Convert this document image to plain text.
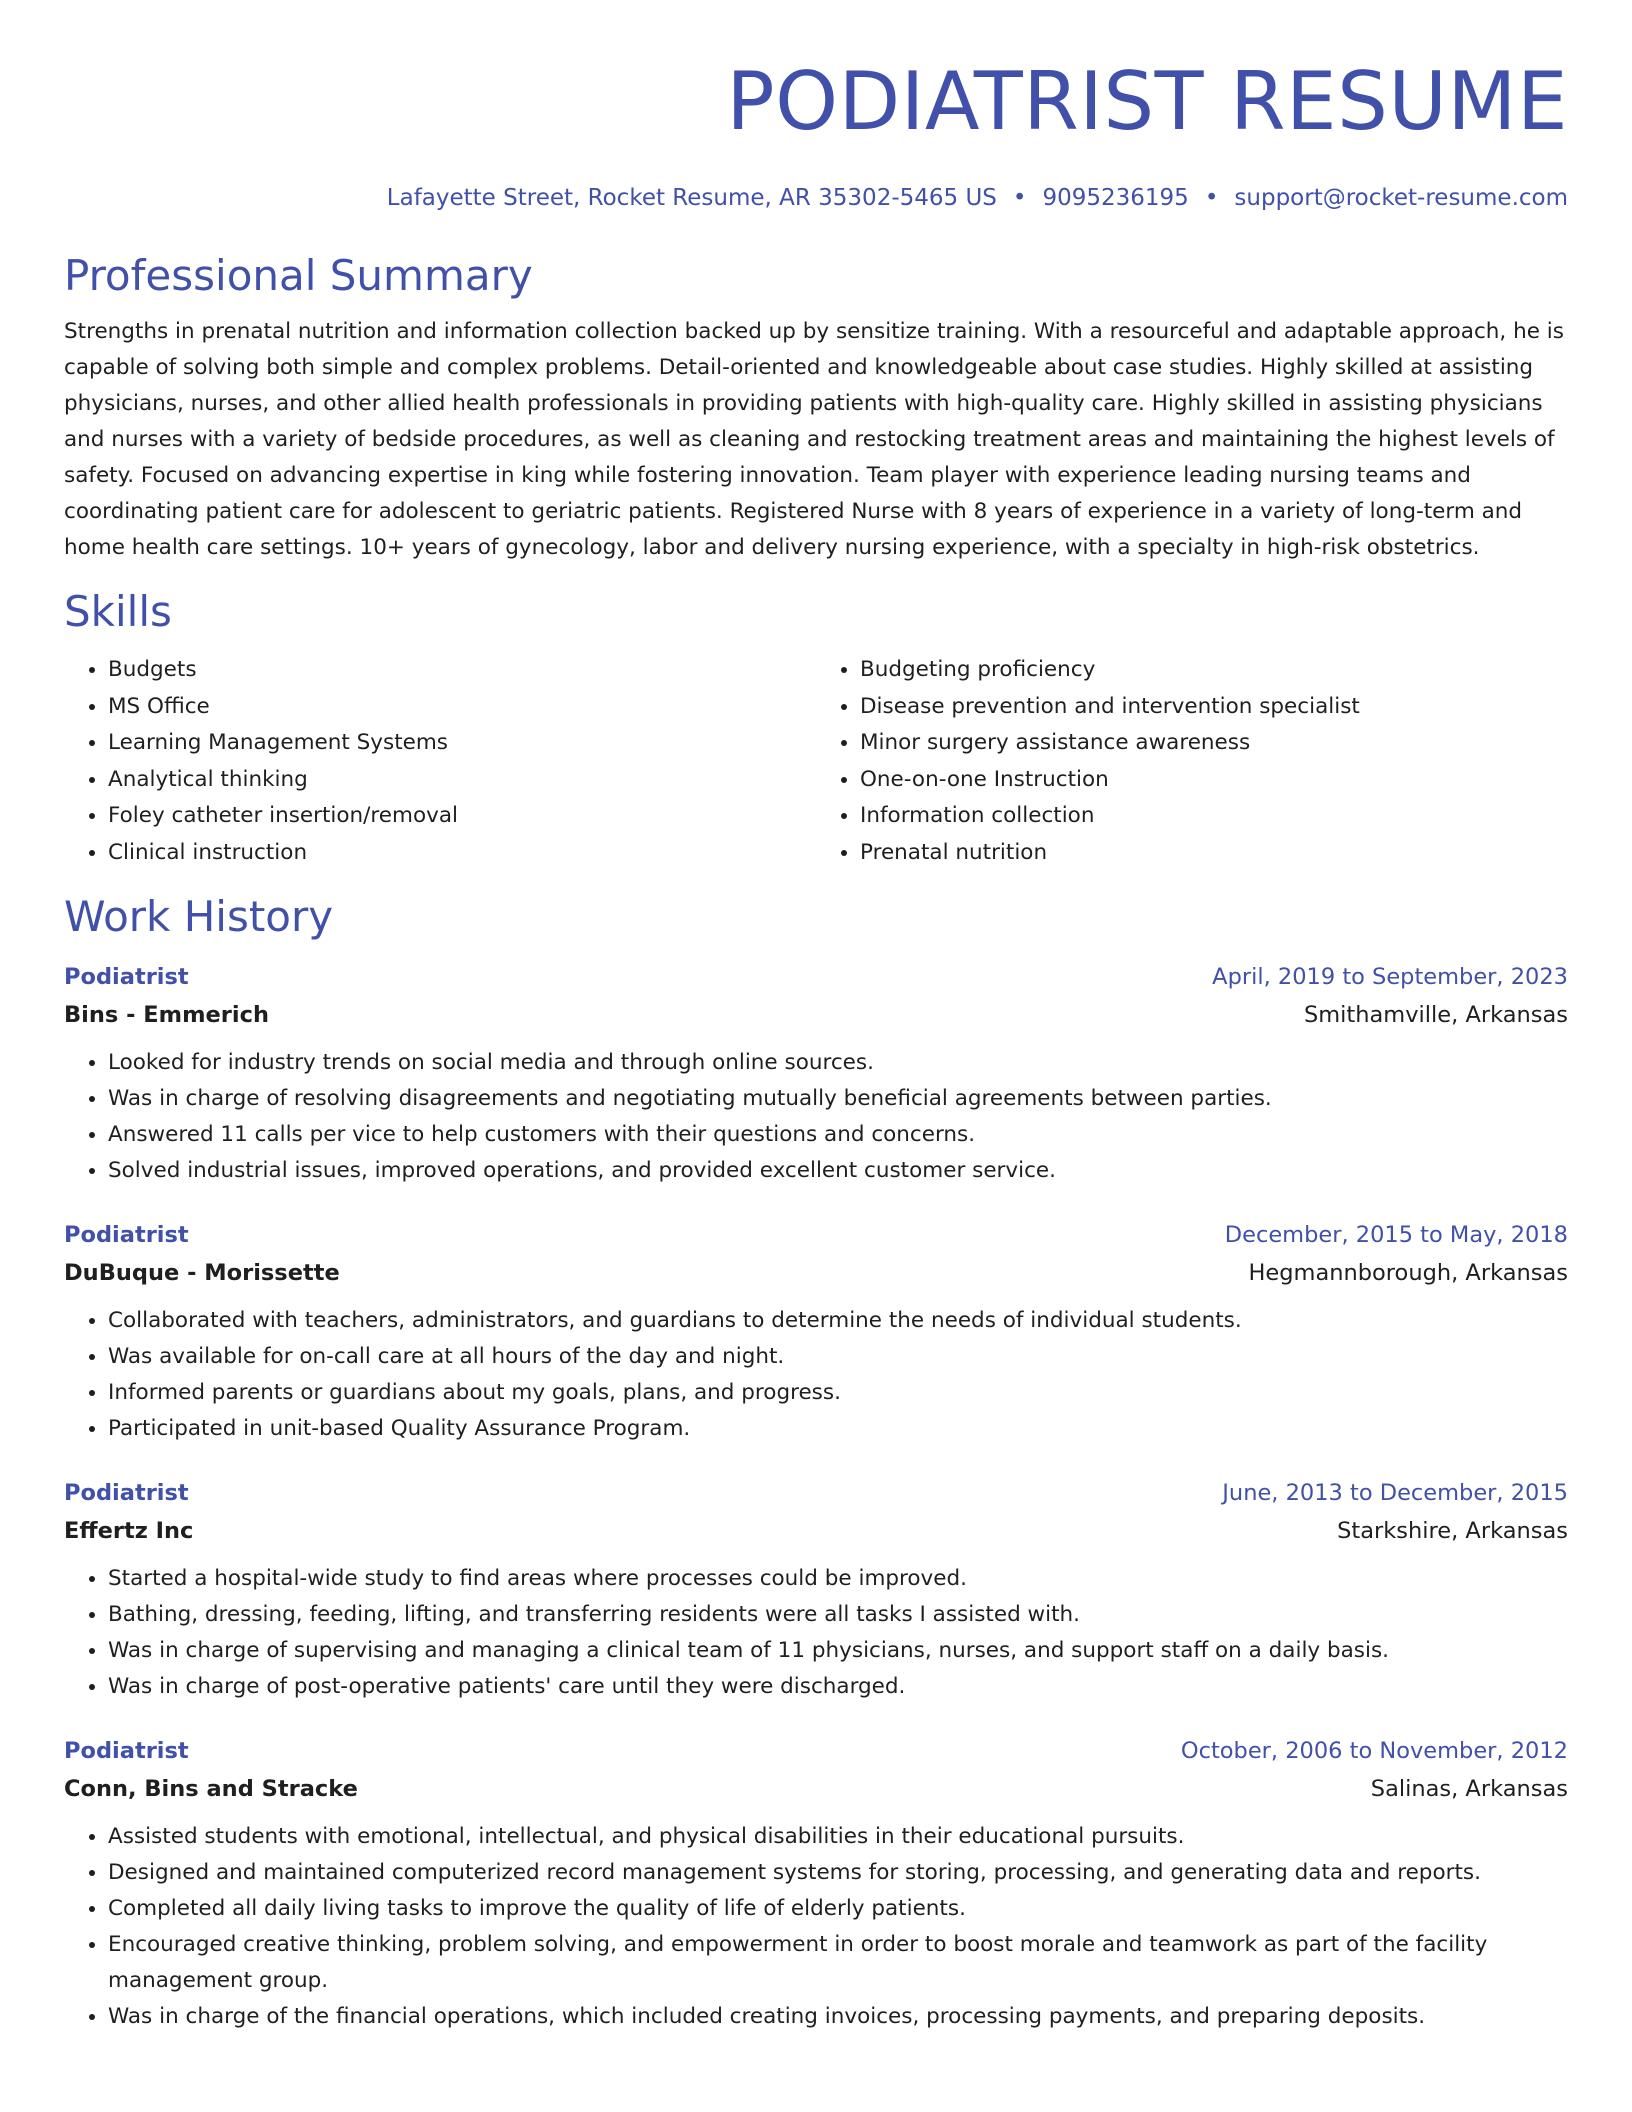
PODIATRIST RESUME
Lafayette Street, Rocket Resume, AR 35302-5465 US • 9095236195 • support@rocket-resume.com
Professional Summary
Strengths in prenatal nutrition and information collection backed up by sensitize training. With a resourceful and adaptable approach, he is capable of solving both simple and complex problems. Detail-oriented and knowledgeable about case studies. Highly skilled at assisting physicians, nurses, and other allied health professionals in providing patients with high-quality care. Highly skilled in assisting physicians and nurses with a variety of bedside procedures, as well as cleaning and restocking treatment areas and maintaining the highest levels of safety. Focused on advancing expertise in king while fostering innovation. Team player with experience leading nursing teams and coordinating patient care for adolescent to geriatric patients. Registered Nurse with 8 years of experience in a variety of long-term and home health care settings. 10+ years of gynecology, labor and delivery nursing experience, with a specialty in high-risk obstetrics.
Skills
• Budgets
• MS Office
• Learning Management Systems
• Analytical thinking
• Foley catheter insertion/removal
• Clinical instruction
• Budgeting proficiency
• Disease prevention and intervention specialist
• Minor surgery assistance awareness
• One-on-one Instruction
• Information collection
• Prenatal nutrition
Work History
Podiatrist	April, 2019 to September, 2023
Bins - Emmerich	Smithamville, Arkansas
• Looked for industry trends on social media and through online sources.
• Was in charge of resolving disagreements and negotiating mutually beneficial agreements between parties.
• Answered 11 calls per vice to help customers with their questions and concerns.
• Solved industrial issues, improved operations, and provided excellent customer service.
Podiatrist	December, 2015 to May, 2018
DuBuque - Morissette	Hegmannborough, Arkansas
• Collaborated with teachers, administrators, and guardians to determine the needs of individual students.
• Was available for on-call care at all hours of the day and night.
• Informed parents or guardians about my goals, plans, and progress.
• Participated in unit-based Quality Assurance Program.
Podiatrist	June, 2013 to December, 2015
Effertz Inc	Starkshire, Arkansas
• Started a hospital-wide study to find areas where processes could be improved.
• Bathing, dressing, feeding, lifting, and transferring residents were all tasks I assisted with.
• Was in charge of supervising and managing a clinical team of 11 physicians, nurses, and support staff on a daily basis.
• Was in charge of post-operative patients' care until they were discharged.
Podiatrist	October, 2006 to November, 2012
Conn, Bins and Stracke	Salinas, Arkansas
• Assisted students with emotional, intellectual, and physical disabilities in their educational pursuits.
• Designed and maintained computerized record management systems for storing, processing, and generating data and reports.
• Completed all daily living tasks to improve the quality of life of elderly patients.
• Encouraged creative thinking, problem solving, and empowerment in order to boost morale and teamwork as part of the facility management group.
• Was in charge of the financial operations, which included creating invoices, processing payments, and preparing deposits.
